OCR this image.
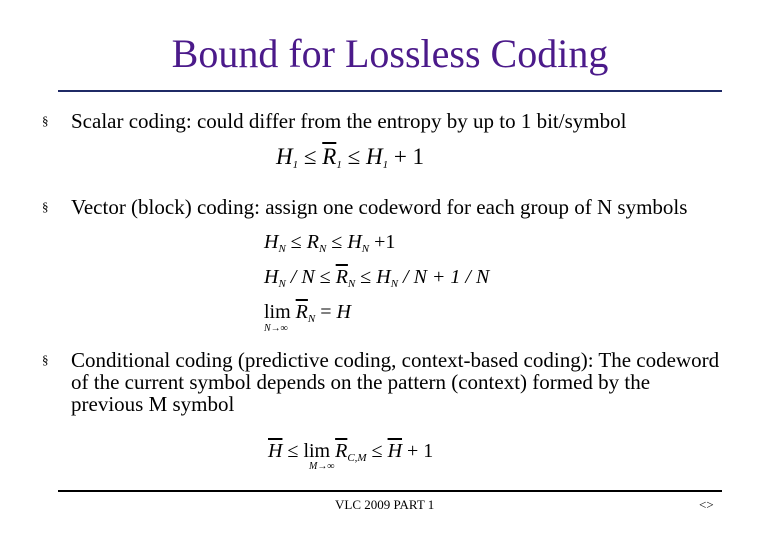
Bound for Lossless Coding
§ Scalar coding: could differ from the entropy by up to 1 bit/symbol
$H_1 \le \overline{R}_1 \le H_1 + 1$
§ Vector (block) coding: assign one codeword for each group of N symbols
$H_N \le R_N \le H_N +1$
$H_N / N \le \overline{R}_N \le H_N / N + 1 / N$
$\lim \overline{R}_N = H$
N→∞
§ Conditional coding (predictive coding, context-based coding): The codeword of the current symbol depends on the pattern (context) formed by the previous M symbol
$\overline{H} \le \lim \overline{R}_{C,M} \le \overline{H} + 1$
M→∞
VLC 2009 PART 1	<>
